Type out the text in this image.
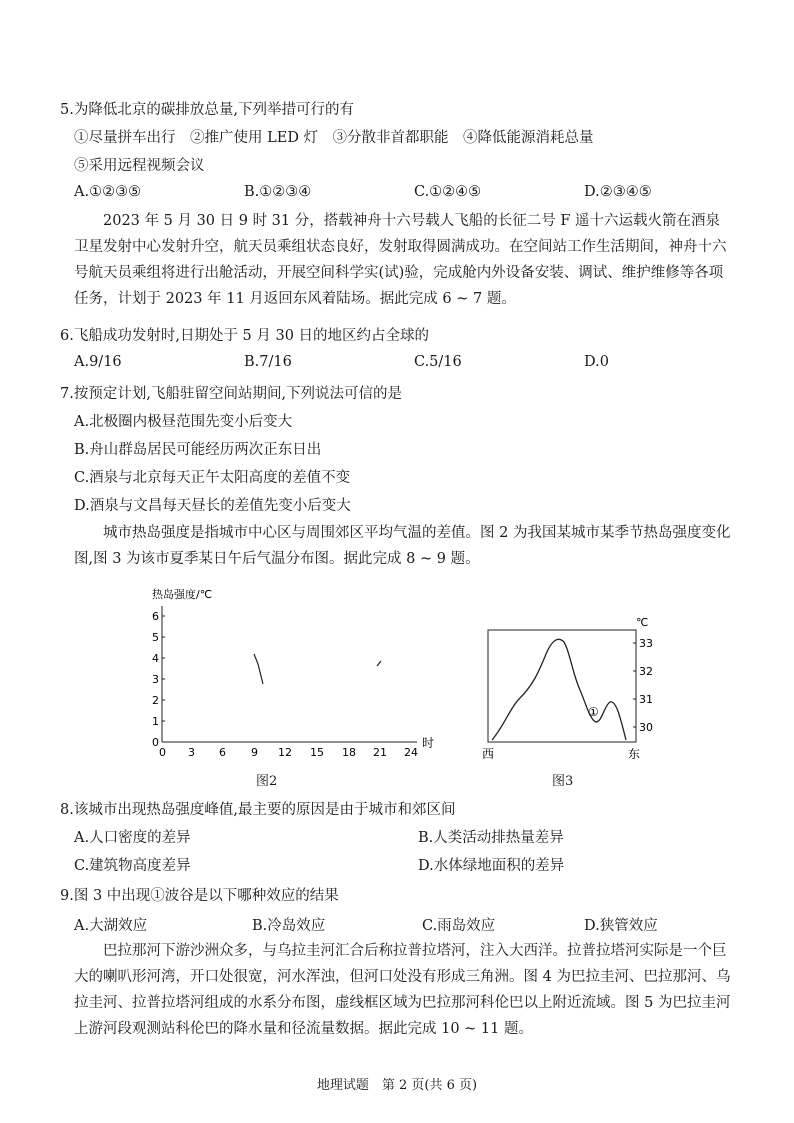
5.为降低北京的碳排放总量,下列举措可行的有
①尽量拼车出行　②推广使用 LED 灯　③分散非首都职能　④降低能源消耗总量
⑤采用远程视频会议
A.①②③⑤	B.①②③④	C.①②④⑤	D.②③④⑤
2023 年 5 月 30 日 9 时 31 分，搭载神舟十六号载人飞船的长征二号 F 遥十六运载火箭在酒泉卫星发射中心发射升空，航天员乘组状态良好，发射取得圆满成功。在空间站工作生活期间，神舟十六号航天员乘组将进行出舱活动，开展空间科学实(试)验，完成舱内外设备安装、调试、维护维修等各项任务，计划于 2023 年 11 月返回东风着陆场。据此完成 6 ~ 7 题。
6.飞船成功发射时,日期处于 5 月 30 日的地区约占全球的
A.9/16	B.7/16	C.5/16	D.0
7.按预定计划,飞船驻留空间站期间,下列说法可信的是
A.北极圈内极昼范围先变小后变大
B.舟山群岛居民可能经历两次正东日出
C.酒泉与北京每天正午太阳高度的差值不变
D.酒泉与文昌每天昼长的差值先变小后变大
城市热岛强度是指城市中心区与周围郊区平均气温的差值。图 2 为我国某城市某季节热岛强度变化图,图 3 为该市夏季某日午后气温分布图。据此完成 8 ~ 9 题。
热岛强度/℃
0
1
2
3
4
5
6
0 3 6 9 12 15 18 21 24
时
图2
℃
33
32
31
30
①
西	东
图3
8.该城市出现热岛强度峰值,最主要的原因是由于城市和郊区间
A.人口密度的差异	B.人类活动排热量差异
C.建筑物高度差异	D.水体绿地面积的差异
9.图 3 中出现①波谷是以下哪种效应的结果
A.大湖效应	B.冷岛效应	C.雨岛效应	D.狭管效应
巴拉那河下游沙洲众多，与乌拉圭河汇合后称拉普拉塔河，注入大西洋。拉普拉塔河实际是一个巨大的喇叭形河湾，开口处很宽，河水浑浊，但河口处没有形成三角洲。图 4 为巴拉圭河、巴拉那河、乌拉圭河、拉普拉塔河组成的水系分布图，虚线框区域为巴拉那河科伦巴以上附近流域。图 5 为巴拉圭河上游河段观测站科伦巴的降水量和径流量数据。据此完成 10 ~ 11 题。
地理试题　第 2 页(共 6 页)
